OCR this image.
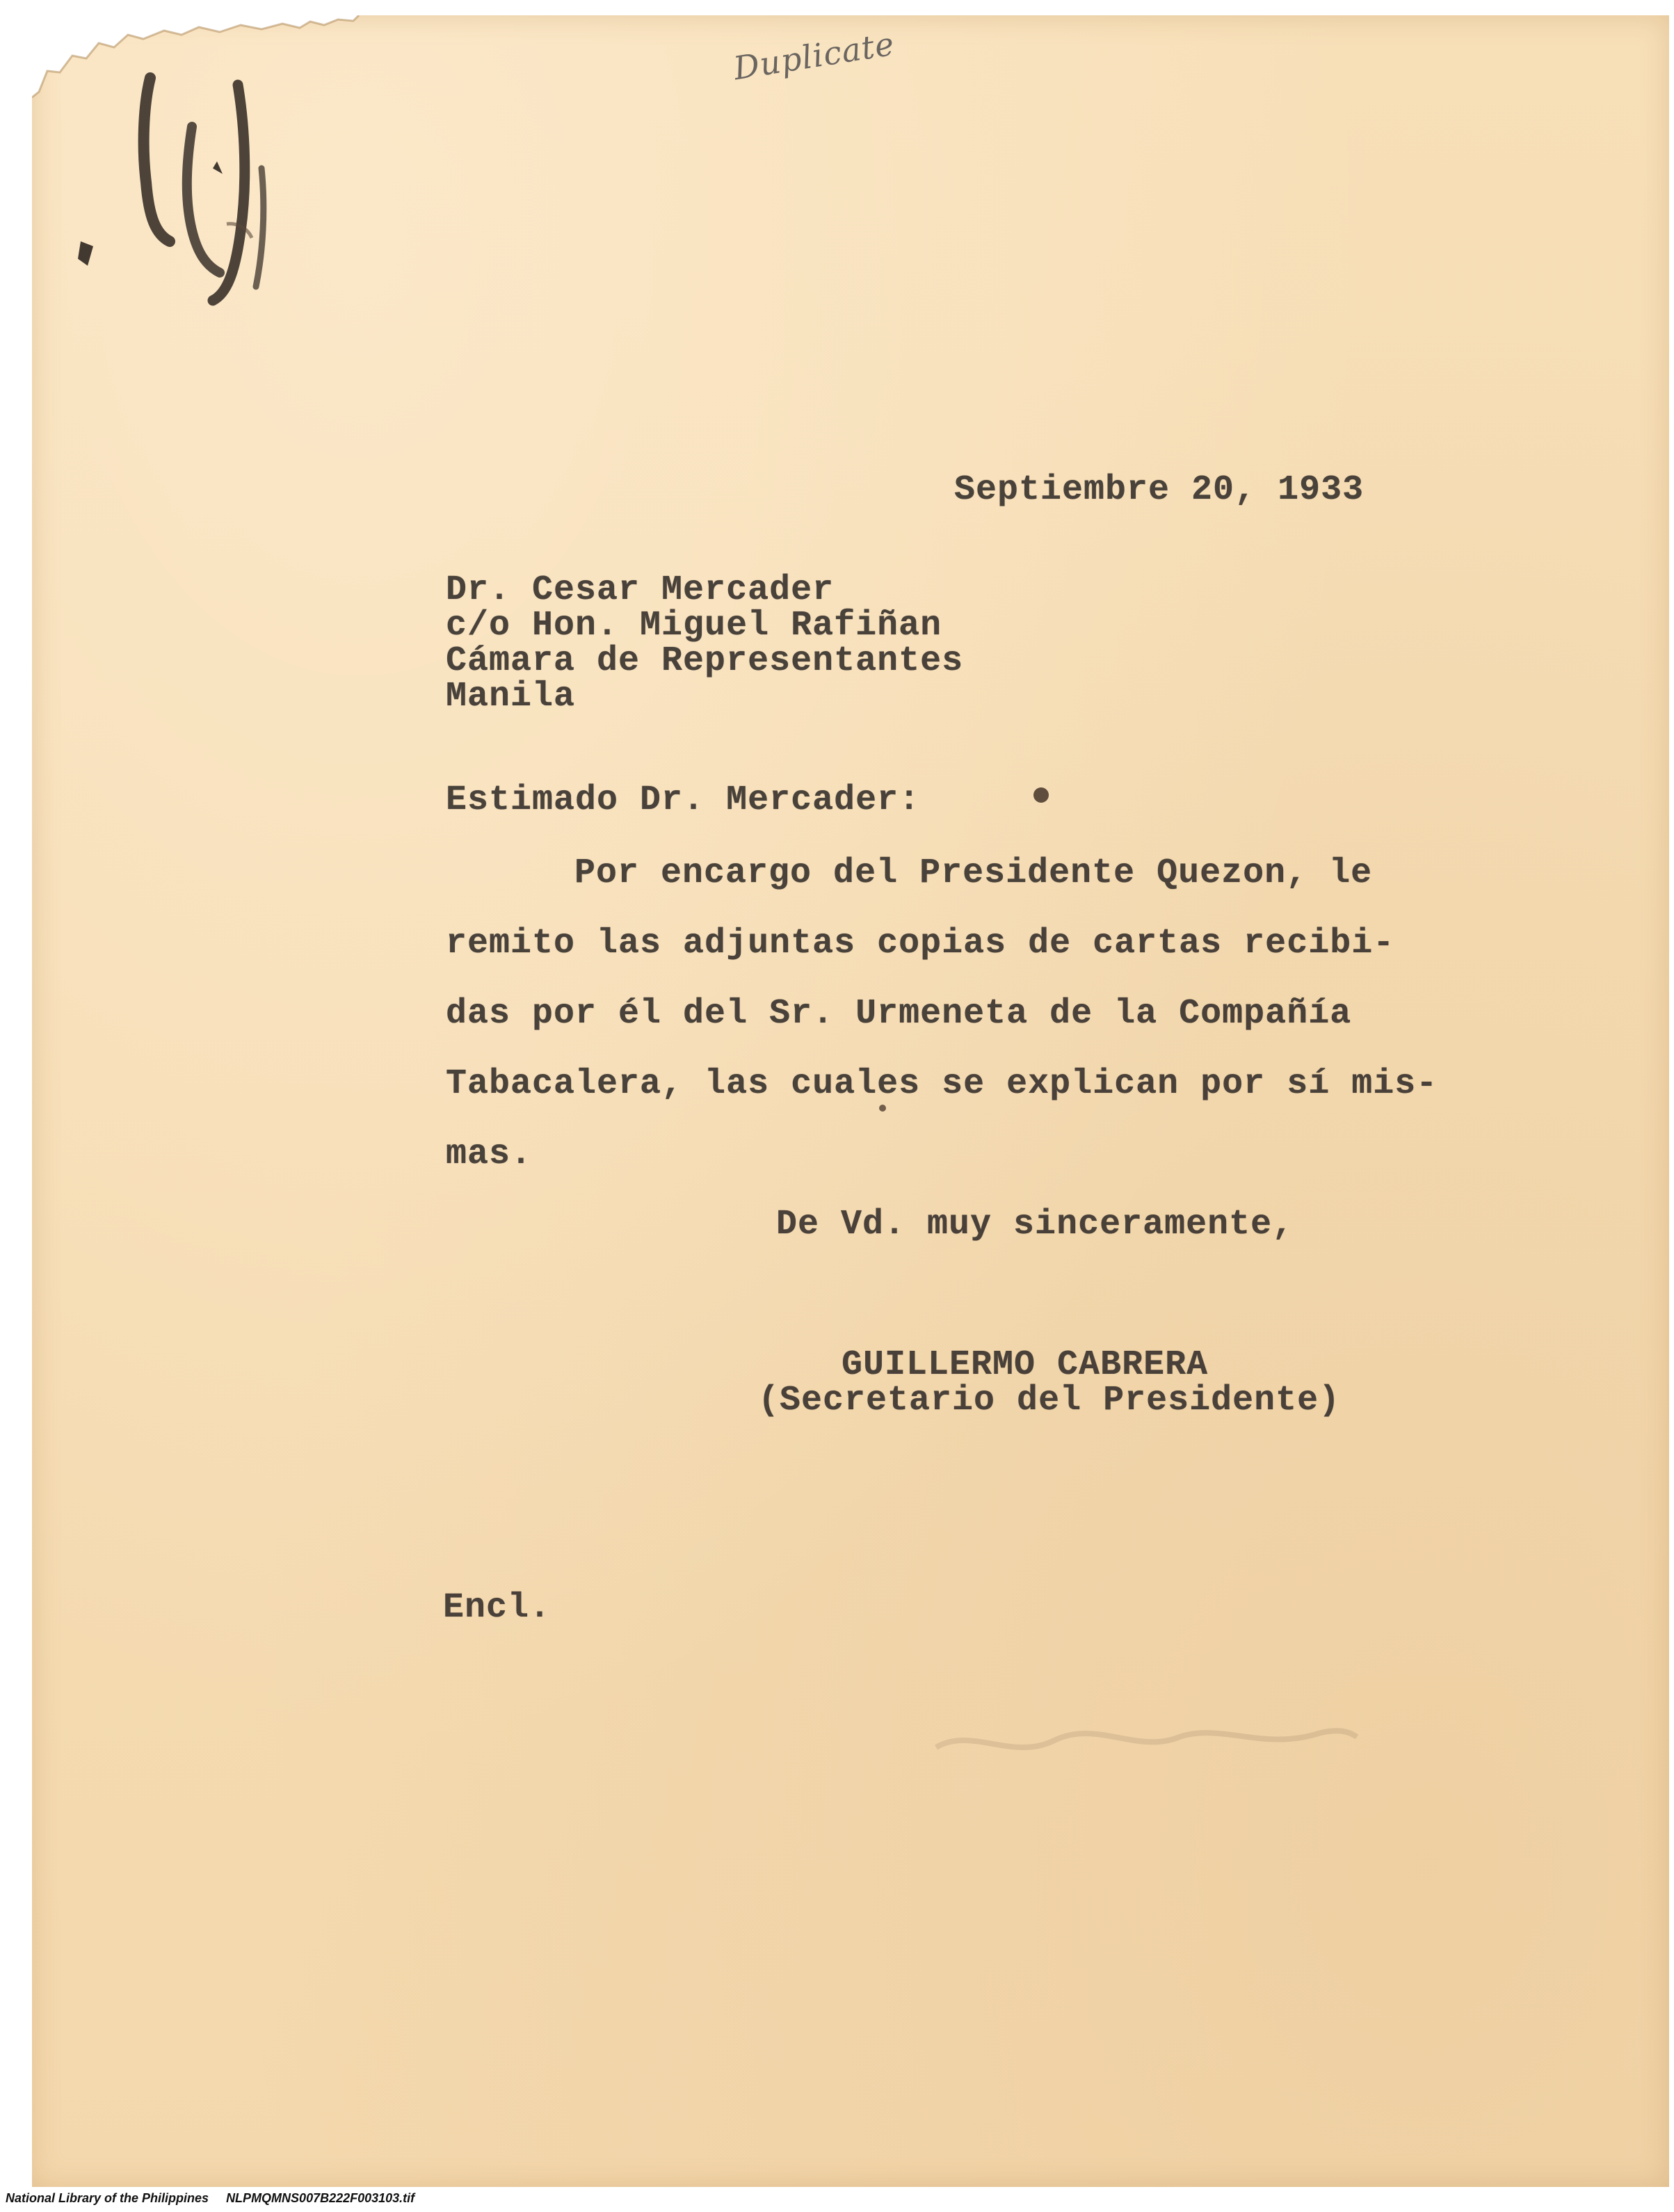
Duplicate
Septiembre 20, 1933
Dr. Cesar Mercader
c/o Hon. Miguel Rafiñan
Cámara de Representantes
Manila
Estimado Dr. Mercader:
Por encargo del Presidente Quezon, le
remito las adjuntas copias de cartas recibi-
das por él del Sr. Urmeneta de la Compañía
Tabacalera, las cuales se explican por sí mis-
mas.
De Vd. muy sinceramente,
GUILLERMO CABRERA
(Secretario del Presidente)
Encl.
National Library of the Philippines NLPMQMNS007B222F003103.tif
